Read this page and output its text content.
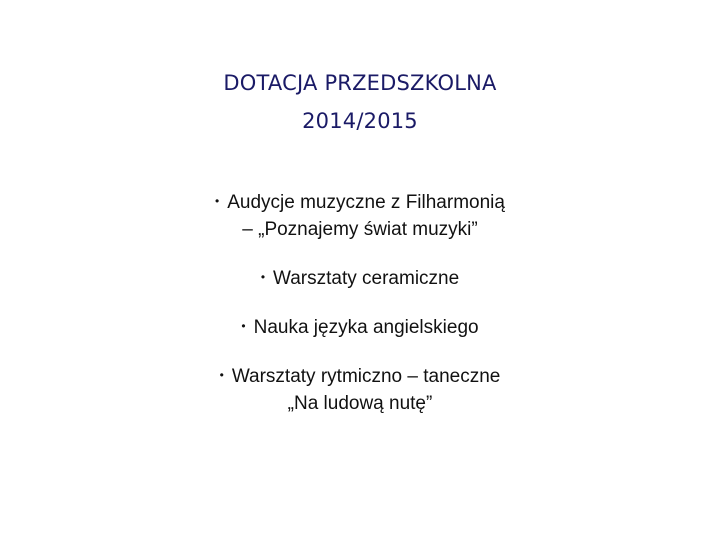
DOTACJA PRZEDSZKOLNA
2014/2015
• Audycje muzyczne z Filharmonią
– „Poznajemy świat muzyki”
• Warsztaty ceramiczne
• Nauka języka angielskiego
• Warsztaty rytmiczno – taneczne
„Na ludową nutę”
